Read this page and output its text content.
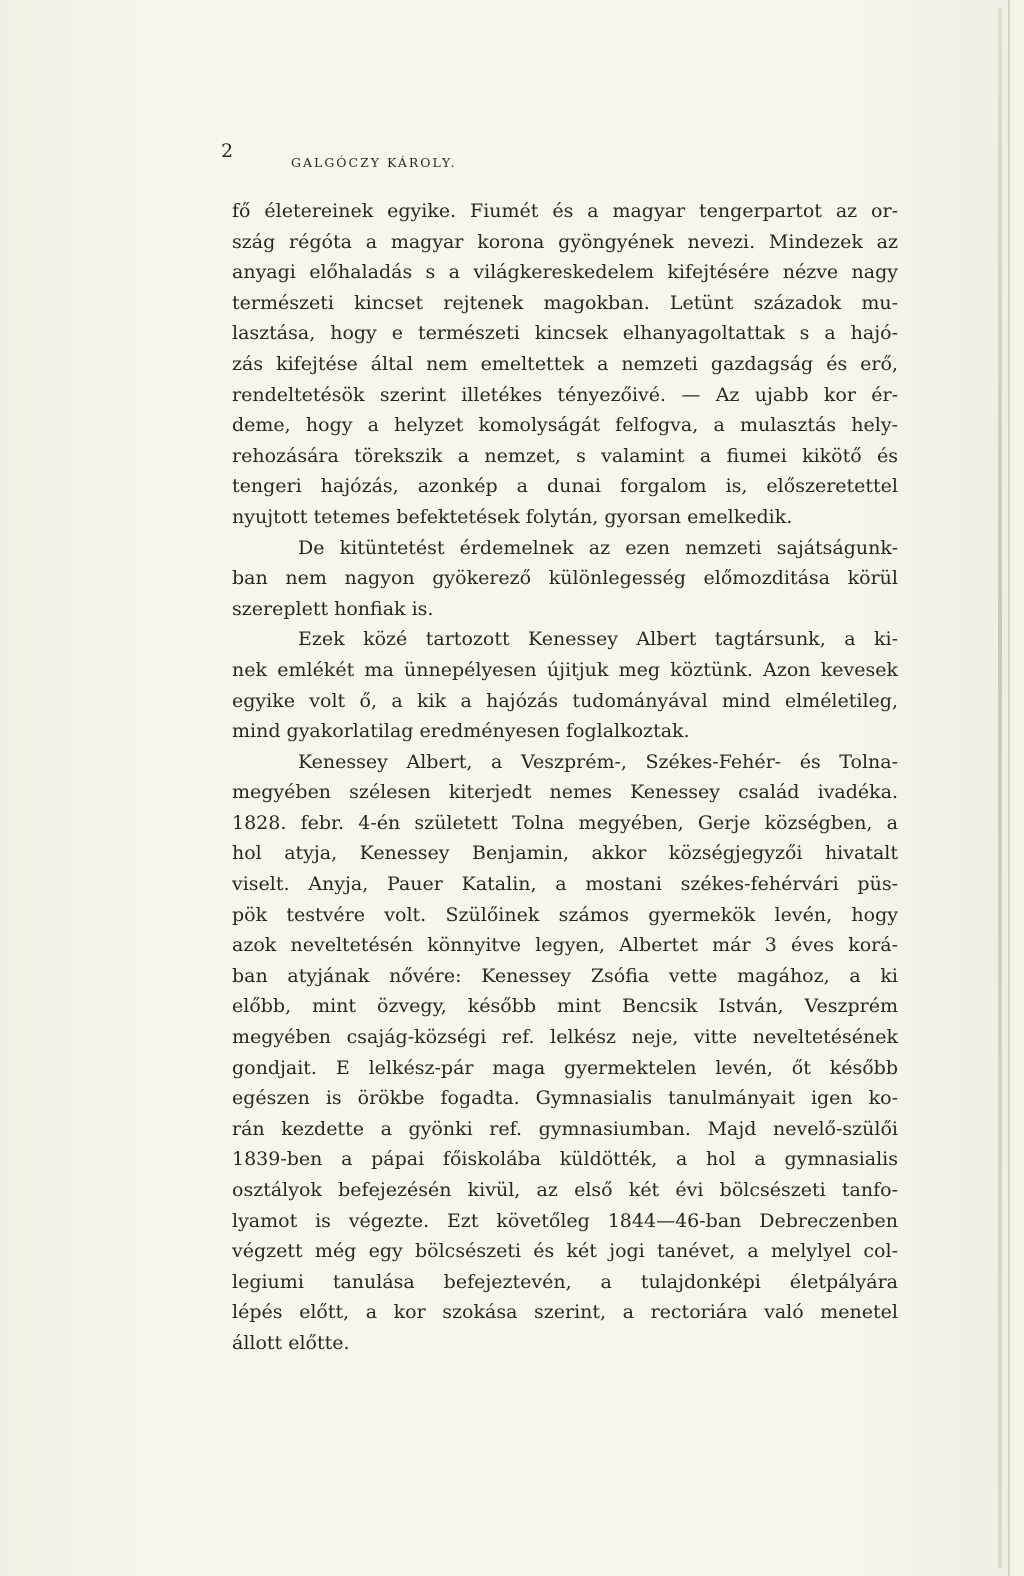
2
GALGÓCZY KÁROLY.
fő életereinek egyike. Fiumét és a magyar tengerpartot az or-
szág régóta a magyar korona gyöngyének nevezi. Mindezek az
anyagi előhaladás s a világkereskedelem kifejtésére nézve nagy
természeti kincset rejtenek magokban. Letünt századok mu-
lasztása, hogy e természeti kincsek elhanyagoltattak s a hajó-
zás kifejtése által nem emeltettek a nemzeti gazdagság és erő,
rendeltetésök szerint illetékes tényezőivé. — Az ujabb kor ér-
deme, hogy a helyzet komolyságát felfogva, a mulasztás hely-
rehozására törekszik a nemzet, s valamint a fiumei kikötő és
tengeri hajózás, azonkép a dunai forgalom is, előszeretettel
nyujtott tetemes befektetések folytán, gyorsan emelkedik.
De kitüntetést érdemelnek az ezen nemzeti sajátságunk-
ban nem nagyon gyökerező különlegesség előmozditása körül
szereplett honfiak is.
Ezek közé tartozott Kenessey Albert tagtársunk, a ki-
nek emlékét ma ünnepélyesen újitjuk meg köztünk. Azon kevesek
egyike volt ő, a kik a hajózás tudományával mind elméletileg,
mind gyakorlatilag eredményesen foglalkoztak.
Kenessey Albert, a Veszprém-, Székes-Fehér- és Tolna-
megyében szélesen kiterjedt nemes Kenessey család ivadéka.
1828. febr. 4-én született Tolna megyében, Gerje községben, a
hol atyja, Kenessey Benjamin, akkor községjegyzői hivatalt
viselt. Anyja, Pauer Katalin, a mostani székes-fehérvári püs-
pök testvére volt. Szülőinek számos gyermekök levén, hogy
azok neveltetésén könnyitve legyen, Albertet már 3 éves korá-
ban atyjának nővére: Kenessey Zsófia vette magához, a ki
előbb, mint özvegy, később mint Bencsik István, Veszprém
megyében csajág-községi ref. lelkész neje, vitte neveltetésének
gondjait. E lelkész-pár maga gyermektelen levén, őt később
egészen is örökbe fogadta. Gymnasialis tanulmányait igen ko-
rán kezdette a gyönki ref. gymnasiumban. Majd nevelő-szülői
1839-ben a pápai főiskolába küldötték, a hol a gymnasialis
osztályok befejezésén kivül, az első két évi bölcsészeti tanfo-
lyamot is végezte. Ezt követőleg 1844—46-ban Debreczenben
végzett még egy bölcsészeti és két jogi tanévet, a melylyel col-
legiumi tanulása befejeztevén, a tulajdonképi életpályára
lépés előtt, a kor szokása szerint, a rectoriára való menetel
állott előtte.
